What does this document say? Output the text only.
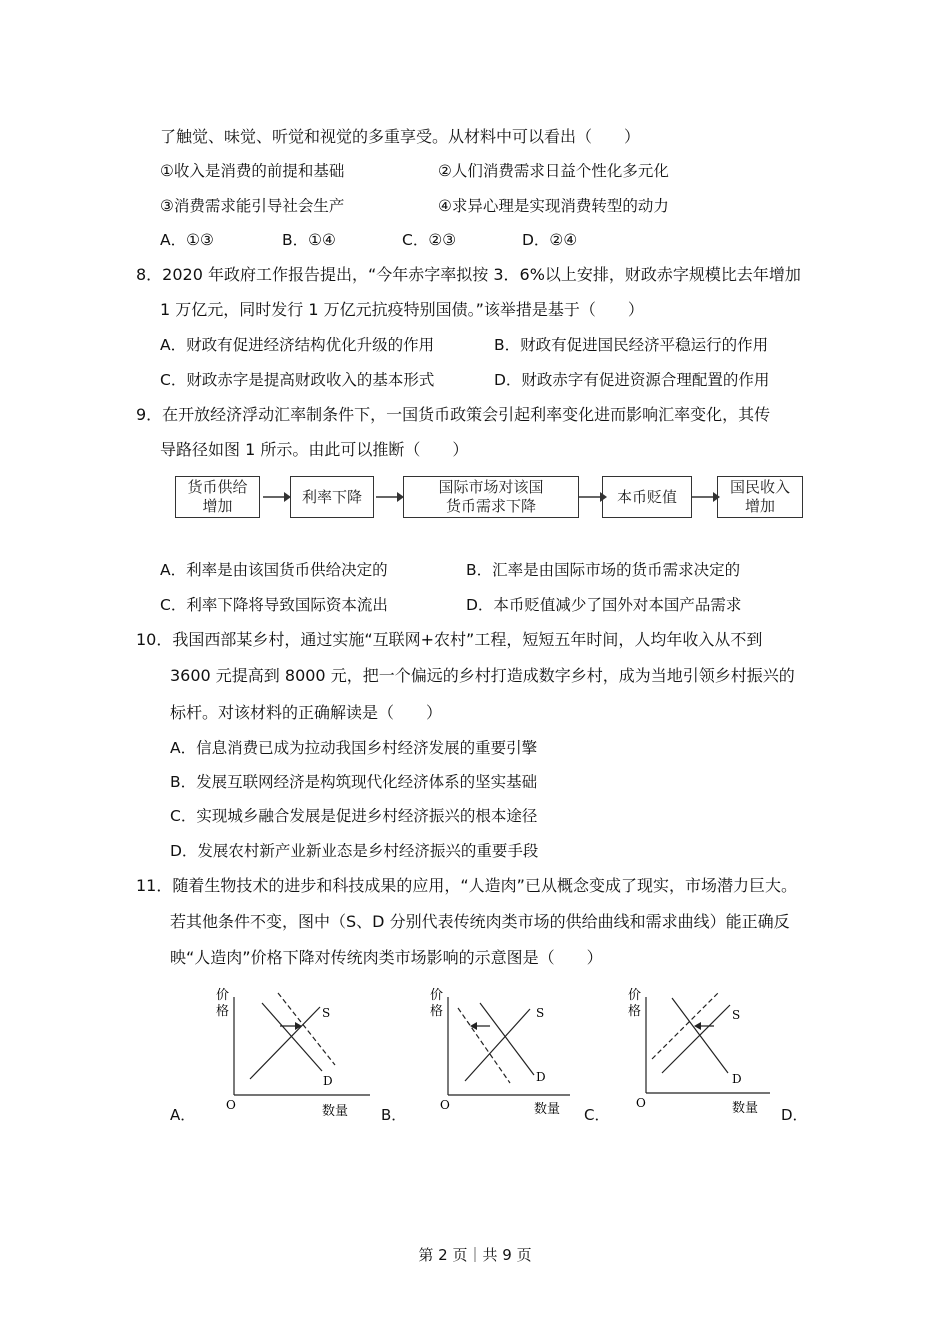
了触觉、味觉、听觉和视觉的多重享受。从材料中可以看出（　　）
①收入是消费的前提和基础	②人们消费需求日益个性化多元化
③消费需求能引导社会生产	④求异心理是实现消费转型的动力
A．①③	B．①④	C．②③	D．②④
8．2020 年政府工作报告提出，“今年赤字率拟按 3．6%以上安排，财政赤字规模比去年增加
1 万亿元，同时发行 1 万亿元抗疫特别国债。”该举措是基于（　　）
A．财政有促进经济结构优化升级的作用	B．财政有促进国民经济平稳运行的作用
C．财政赤字是提高财政收入的基本形式	D．财政赤字有促进资源合理配置的作用
9．在开放经济浮动汇率制条件下，一国货币政策会引起利率变化进而影响汇率变化，其传
导路径如图 1 所示。由此可以推断（　　）
货币供给
增加
利率下降
国际市场对该国
货币需求下降
本币贬值
国民收入
增加
A．利率是由该国货币供给决定的	B．汇率是由国际市场的货币需求决定的
C．利率下降将导致国际资本流出	D．本币贬值减少了国外对本国产品需求
10．我国西部某乡村，通过实施“互联网+农村”工程，短短五年时间，人均年收入从不到
3600 元提高到 8000 元，把一个偏远的乡村打造成数字乡村，成为当地引领乡村振兴的
标杆。对该材料的正确解读是（　　）
A．信息消费已成为拉动我国乡村经济发展的重要引擎
B．发展互联网经济是构筑现代化经济体系的坚实基础
C．实现城乡融合发展是促进乡村经济振兴的根本途径
D．发展农村新产业新业态是乡村经济振兴的重要手段
11．随着生物技术的进步和科技成果的应用，“人造肉”已从概念变成了现实，市场潜力巨大。
若其他条件不变，图中（S、D 分别代表传统肉类市场的供给曲线和需求曲线）能正确反
映“人造肉”价格下降对传统肉类市场影响的示意图是（　　）
价
格
O	数量
S
D
A．
价
格
O	数量
S
D
B．
价
格
O	数量
S
D
C．	D．
第 2 页｜共 9 页
